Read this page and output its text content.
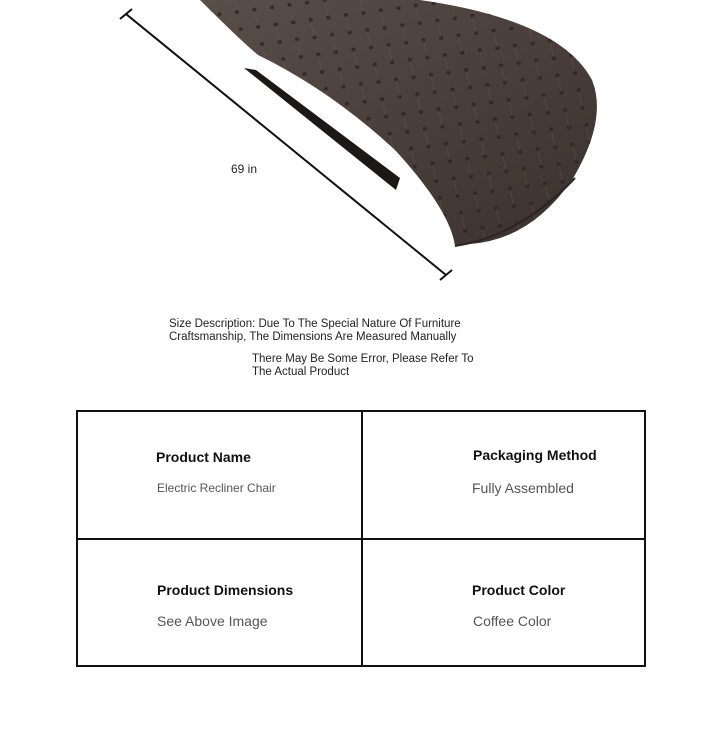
69 in
Size Description: Due To The Special Nature Of Furniture Craftsmanship, The Dimensions Are Measured Manually
There May Be Some Error, Please Refer To The Actual Product
Product Name
Electric Recliner Chair
Packaging Method
Fully Assembled
Product Dimensions
See Above Image
Product Color
Coffee Color
